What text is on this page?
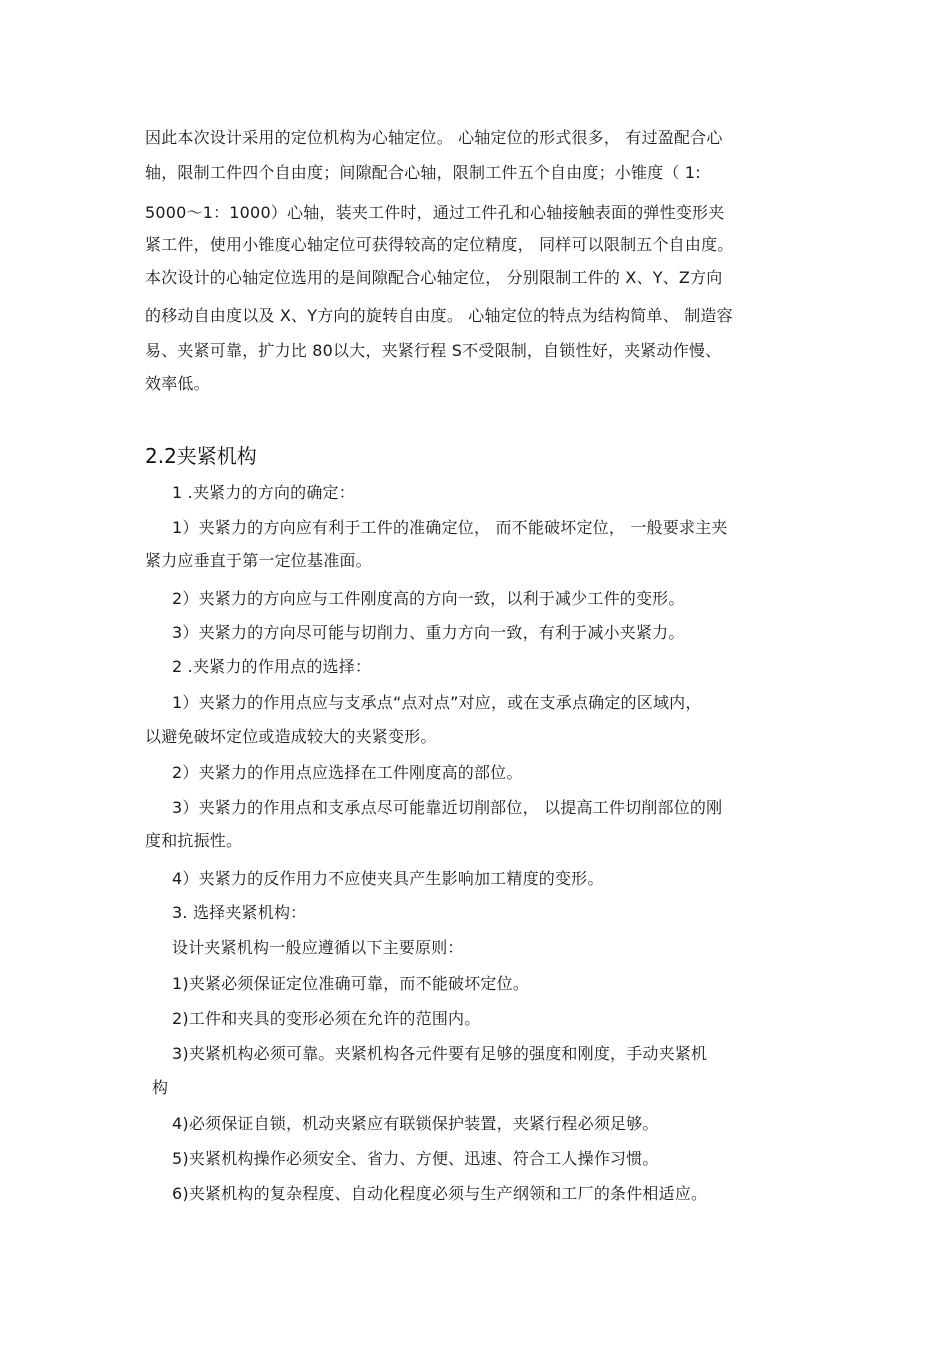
因此本次设计采用的定位机构为心轴定位。 心轴定位的形式很多， 有过盈配合心
轴，限制工件四个自由度；间隙配合心轴，限制工件五个自由度；小锥度（ 1:
5000～1：1000）心轴，装夹工件时，通过工件孔和心轴接触表面的弹性变形夹
紧工件，使用小锥度心轴定位可获得较高的定位精度， 同样可以限制五个自由度。
本次设计的心轴定位选用的是间隙配合心轴定位， 分别限制工件的 X、Y、Z方向
的移动自由度以及 X、Y方向的旋转自由度。 心轴定位的特点为结构简单、 制造容
易、夹紧可靠，扩力比 80以大，夹紧行程 S不受限制，自锁性好，夹紧动作慢、
效率低。
2.2夹紧机构
1 .夹紧力的方向的确定：
1）夹紧力的方向应有利于工件的准确定位， 而不能破坏定位， 一般要求主夹
紧力应垂直于第一定位基准面。
2）夹紧力的方向应与工件刚度高的方向一致，以利于减少工件的变形。
3）夹紧力的方向尽可能与切削力、重力方向一致，有利于减小夹紧力。
2 .夹紧力的作用点的选择：
1）夹紧力的作用点应与支承点“点对点”对应，或在支承点确定的区域内，
以避免破坏定位或造成较大的夹紧变形。
2）夹紧力的作用点应选择在工件刚度高的部位。
3）夹紧力的作用点和支承点尽可能靠近切削部位， 以提高工件切削部位的刚
度和抗振性。
4）夹紧力的反作用力不应使夹具产生影响加工精度的变形。
3. 选择夹紧机构：
设计夹紧机构一般应遵循以下主要原则：
1)夹紧必须保证定位准确可靠，而不能破坏定位。
2)工件和夹具的变形必须在允许的范围内。
3)夹紧机构必须可靠。夹紧机构各元件要有足够的强度和刚度，手动夹紧机
构
4)必须保证自锁，机动夹紧应有联锁保护装置，夹紧行程必须足够。
5)夹紧机构操作必须安全、省力、方便、迅速、符合工人操作习惯。
6)夹紧机构的复杂程度、自动化程度必须与生产纲领和工厂的条件相适应。
